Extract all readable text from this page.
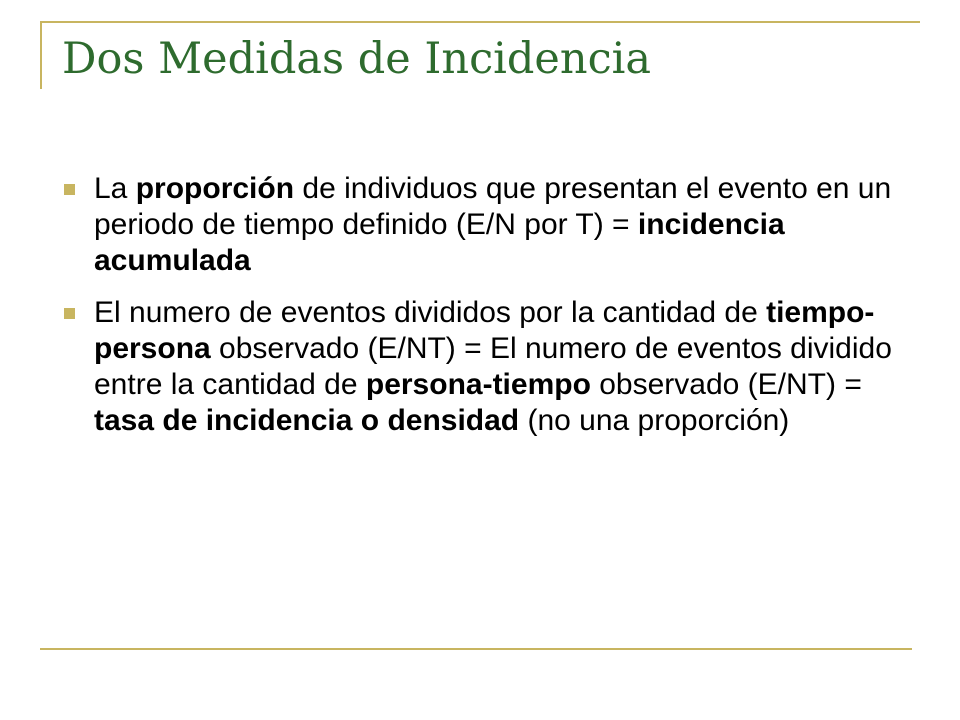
Dos Medidas de Incidencia
La proporción de individuos que presentan el evento en un periodo de tiempo definido (E/N por T) = incidencia acumulada
El numero de eventos divididos por la cantidad de tiempo-persona observado (E/NT) = El numero de eventos dividido entre la cantidad de persona-tiempo observado (E/NT) = tasa de incidencia o densidad (no una proporción)
